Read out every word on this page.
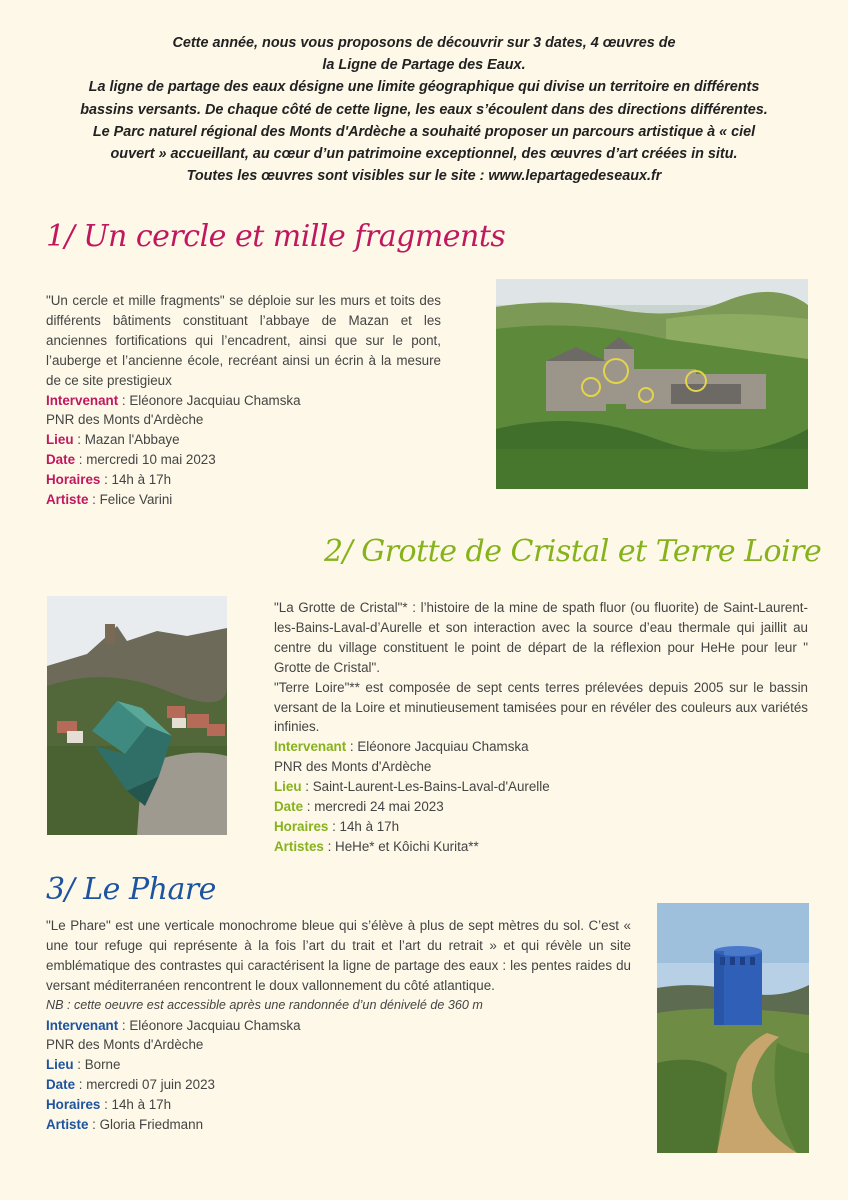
Cette année, nous vous proposons de découvrir sur 3 dates, 4 œuvres de
la Ligne de Partage des Eaux.
La ligne de partage des eaux désigne une limite géographique qui divise un territoire en différents
bassins versants. De chaque côté de cette ligne, les eaux s’écoulent dans des directions différentes.
Le Parc naturel régional des Monts d'Ardèche a souhaité proposer un parcours artistique à « ciel
ouvert » accueillant, au cœur d’un patrimoine exceptionnel, des œuvres d’art créées in situ.
Toutes les œuvres sont visibles sur le site : www.lepartagedeseaux.fr
1/ Un cercle et mille fragments

"Un cercle et mille fragments" se déploie sur les murs et toits des différents bâtiments constituant l’abbaye de Mazan et les anciennes fortifications qui l’encadrent, ainsi que sur le pont, l’auberge et l’ancienne école, recréant ainsi un écrin à la mesure de ce site prestigieux

Intervenant : Eléonore Jacquiau Chamska
PNR des Monts d'Ardèche
Lieu : Mazan l'Abbaye
Date : mercredi 10 mai 2023
Horaires : 14h à 17h
Artiste : Felice Varini
2/ Grotte de Cristal et Terre Loire

"La Grotte de Cristal"* : l’histoire de la mine de spath fluor (ou fluorite) de Saint-Laurent-les-Bains-Laval-d’Aurelle et son interaction avec la source d’eau thermale qui jaillit au centre du village constituent le point de départ de la réflexion pour HeHe pour leur " Grotte de Cristal".

"Terre Loire"** est composée de sept cents terres prélevées depuis 2005 sur le bassin versant de la Loire et minutieusement tamisées pour en révéler des couleurs aux variétés infinies.

Intervenant : Eléonore Jacquiau Chamska
PNR des Monts d'Ardèche
Lieu : Saint-Laurent-Les-Bains-Laval-d'Aurelle
Date : mercredi 24 mai 2023
Horaires : 14h à 17h
Artistes : HeHe* et Kôichi Kurita**
3/ Le Phare

"Le Phare" est une verticale monochrome bleue qui s’élève à plus de sept mètres du sol. C’est « une tour refuge qui représente à la fois l’art du trait et l’art du retrait » et qui révèle un site emblématique des contrastes qui caractérisent la ligne de partage des eaux : les pentes raides du versant méditerranéen rencontrent le doux vallonnement du côté atlantique.

NB : cette oeuvre est accessible après une randonnée d’un dénivelé de 360 m
Intervenant : Eléonore Jacquiau Chamska
PNR des Monts d'Ardèche
Lieu : Borne
Date : mercredi 07 juin 2023
Horaires : 14h à 17h
Artiste : Gloria Friedmann
